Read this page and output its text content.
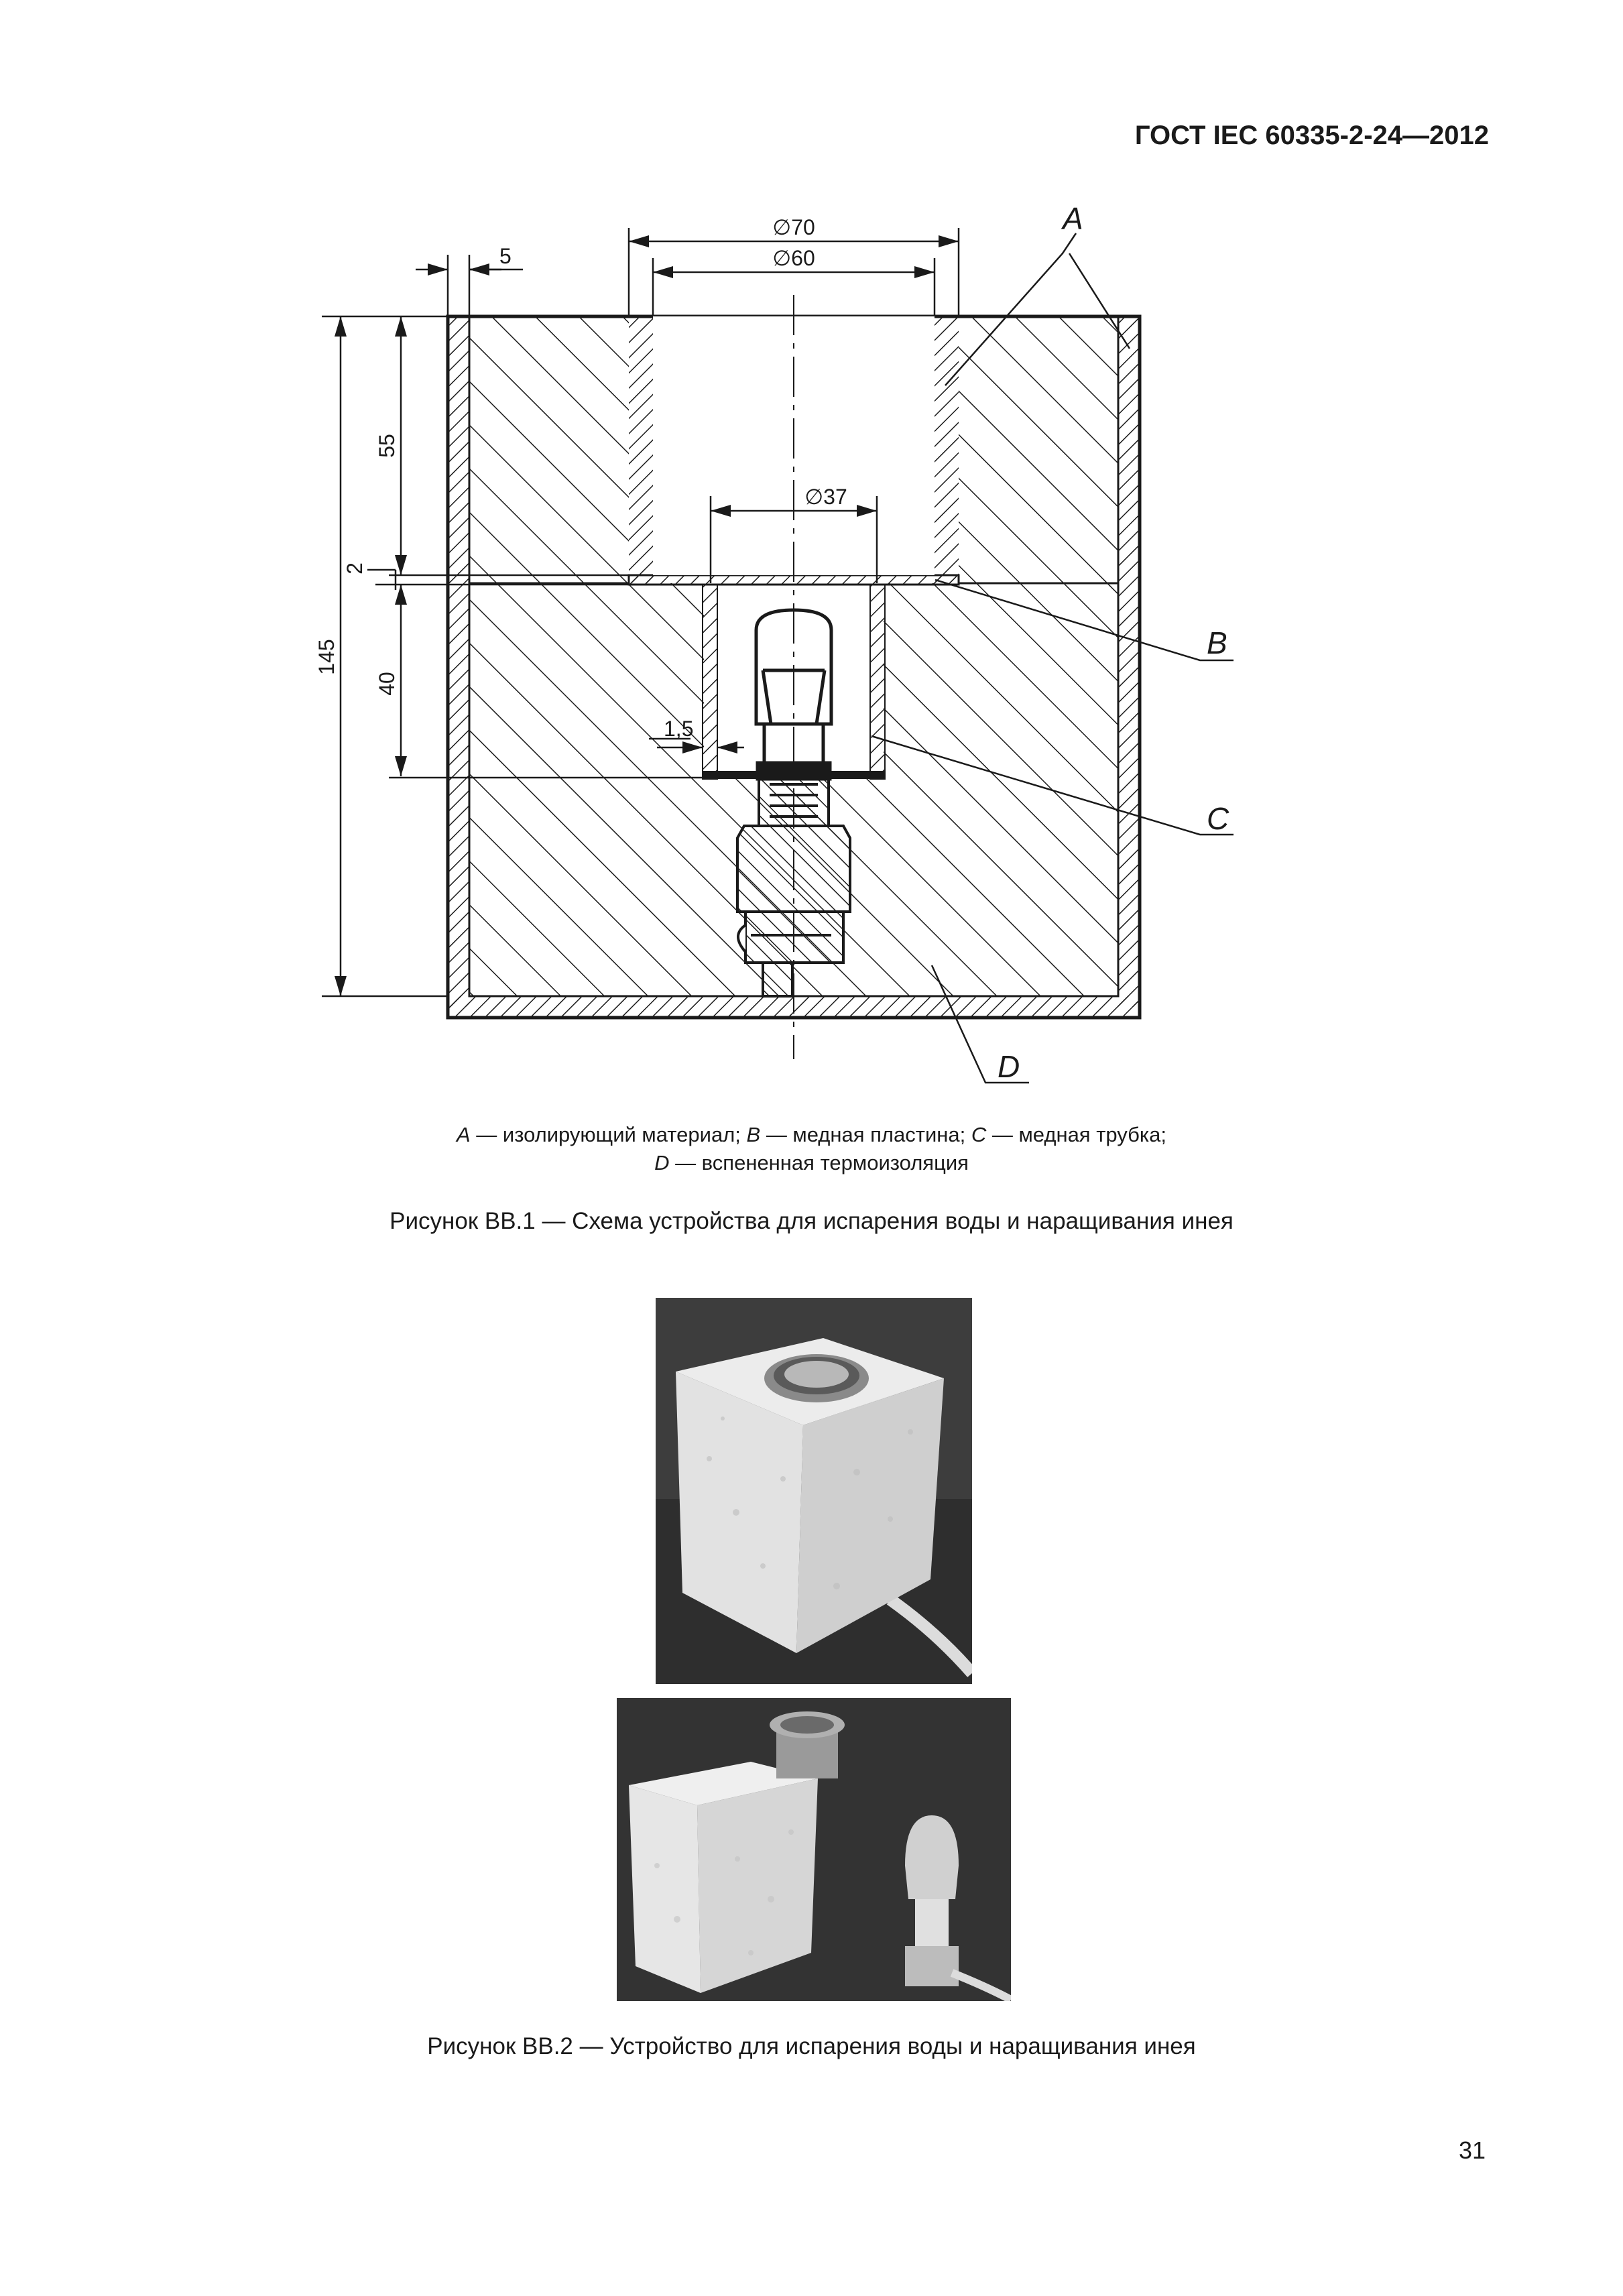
ГОСТ IEC 60335-2-24—2012
∅70
∅60
∅37
5
1,5
145
55
2
40
A
B
C
D
A — изолирующий материал; B — медная пластина; C — медная трубка;
D — вспененная термоизоляция
Рисунок ВВ.1 — Схема устройства для испарения воды и наращивания инея
Рисунок ВВ.2 — Устройство для испарения воды и наращивания инея
31
